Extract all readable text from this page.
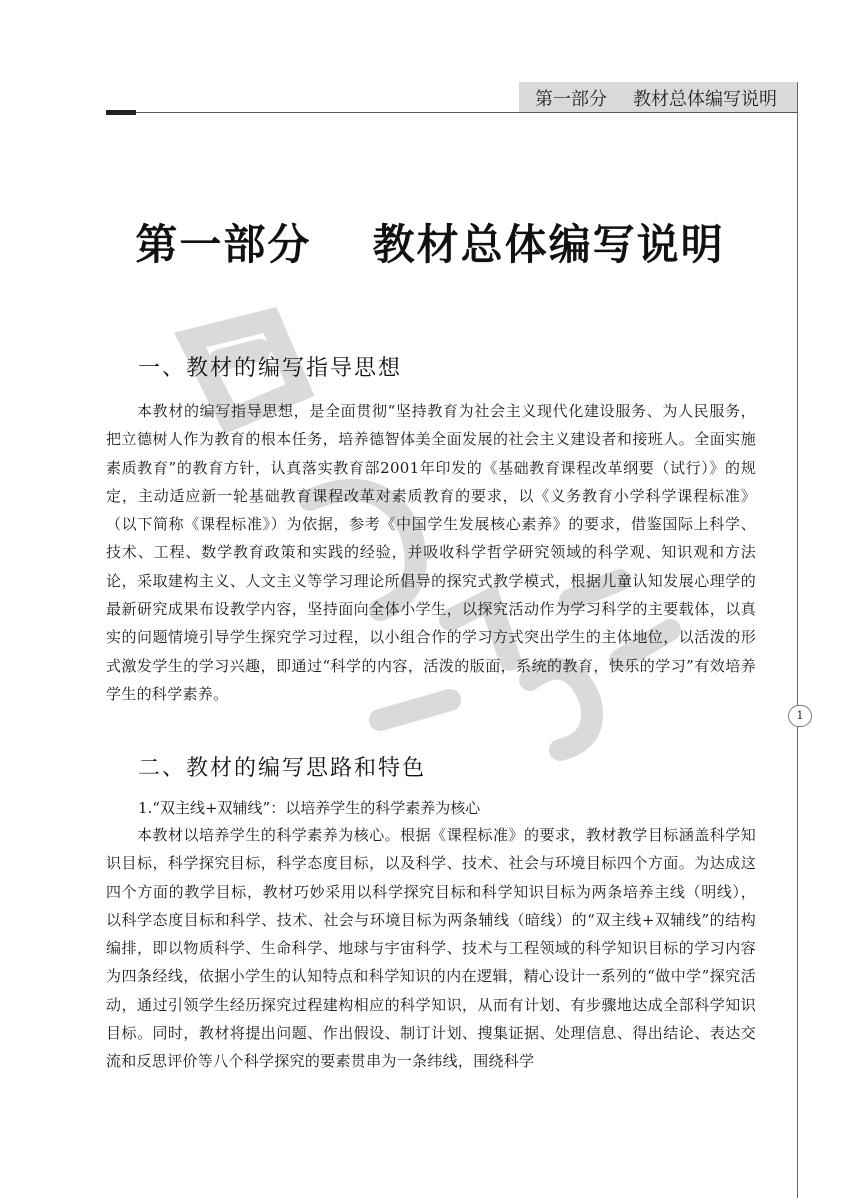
第一部分 教材总体编写说明
1
第一部分  教材总体编写说明
一、教材的编写指导思想

本教材的编写指导思想，是全面贯彻“坚持教育为社会主义现代化建设服务、为人民服务，把立德树人作为教育的根本任务，培养德智体美全面发展的社会主义建设者和接班人。全面实施素质教育”的教育方针，认真落实教育部2001年印发的《基础教育课程改革纲要（试行）》的规定，主动适应新一轮基础教育课程改革对素质教育的要求，以《义务教育小学科学课程标准》（以下简称《课程标准》）为依据，参考《中国学生发展核心素养》的要求，借鉴国际上科学、技术、工程、数学教育政策和实践的经验，并吸收科学哲学研究领域的科学观、知识观和方法论，采取建构主义、人文主义等学习理论所倡导的探究式教学模式，根据儿童认知发展心理学的最新研究成果布设教学内容，坚持面向全体小学生，以探究活动作为学习科学的主要载体，以真实的问题情境引导学生探究学习过程，以小组合作的学习方式突出学生的主体地位，以活泼的形式激发学生的学习兴趣，即通过“科学的内容，活泼的版面，系统的教育，快乐的学习”有效培养学生的科学素养。

二、教材的编写思路和特色
1.“双主线+双辅线”：以培养学生的科学素养为核心

本教材以培养学生的科学素养为核心。根据《课程标准》的要求，教材教学目标涵盖科学知识目标，科学探究目标，科学态度目标，以及科学、技术、社会与环境目标四个方面。为达成这四个方面的教学目标，教材巧妙采用以科学探究目标和科学知识目标为两条培养主线（明线），以科学态度目标和科学、技术、社会与环境目标为两条辅线（暗线）的“双主线+双辅线”的结构编排，即以物质科学、生命科学、地球与宇宙科学、技术与工程领域的科学知识目标的学习内容为四条经线，依据小学生的认知特点和科学知识的内在逻辑，精心设计一系列的“做中学”探究活动，通过引领学生经历探究过程建构相应的科学知识，从而有计划、有步骤地达成全部科学知识目标。同时，教材将提出问题、作出假设、制订计划、搜集证据、处理信息、得出结论、表达交流和反思评价等八个科学探究的要素贯串为一条纬线，围绕科学
